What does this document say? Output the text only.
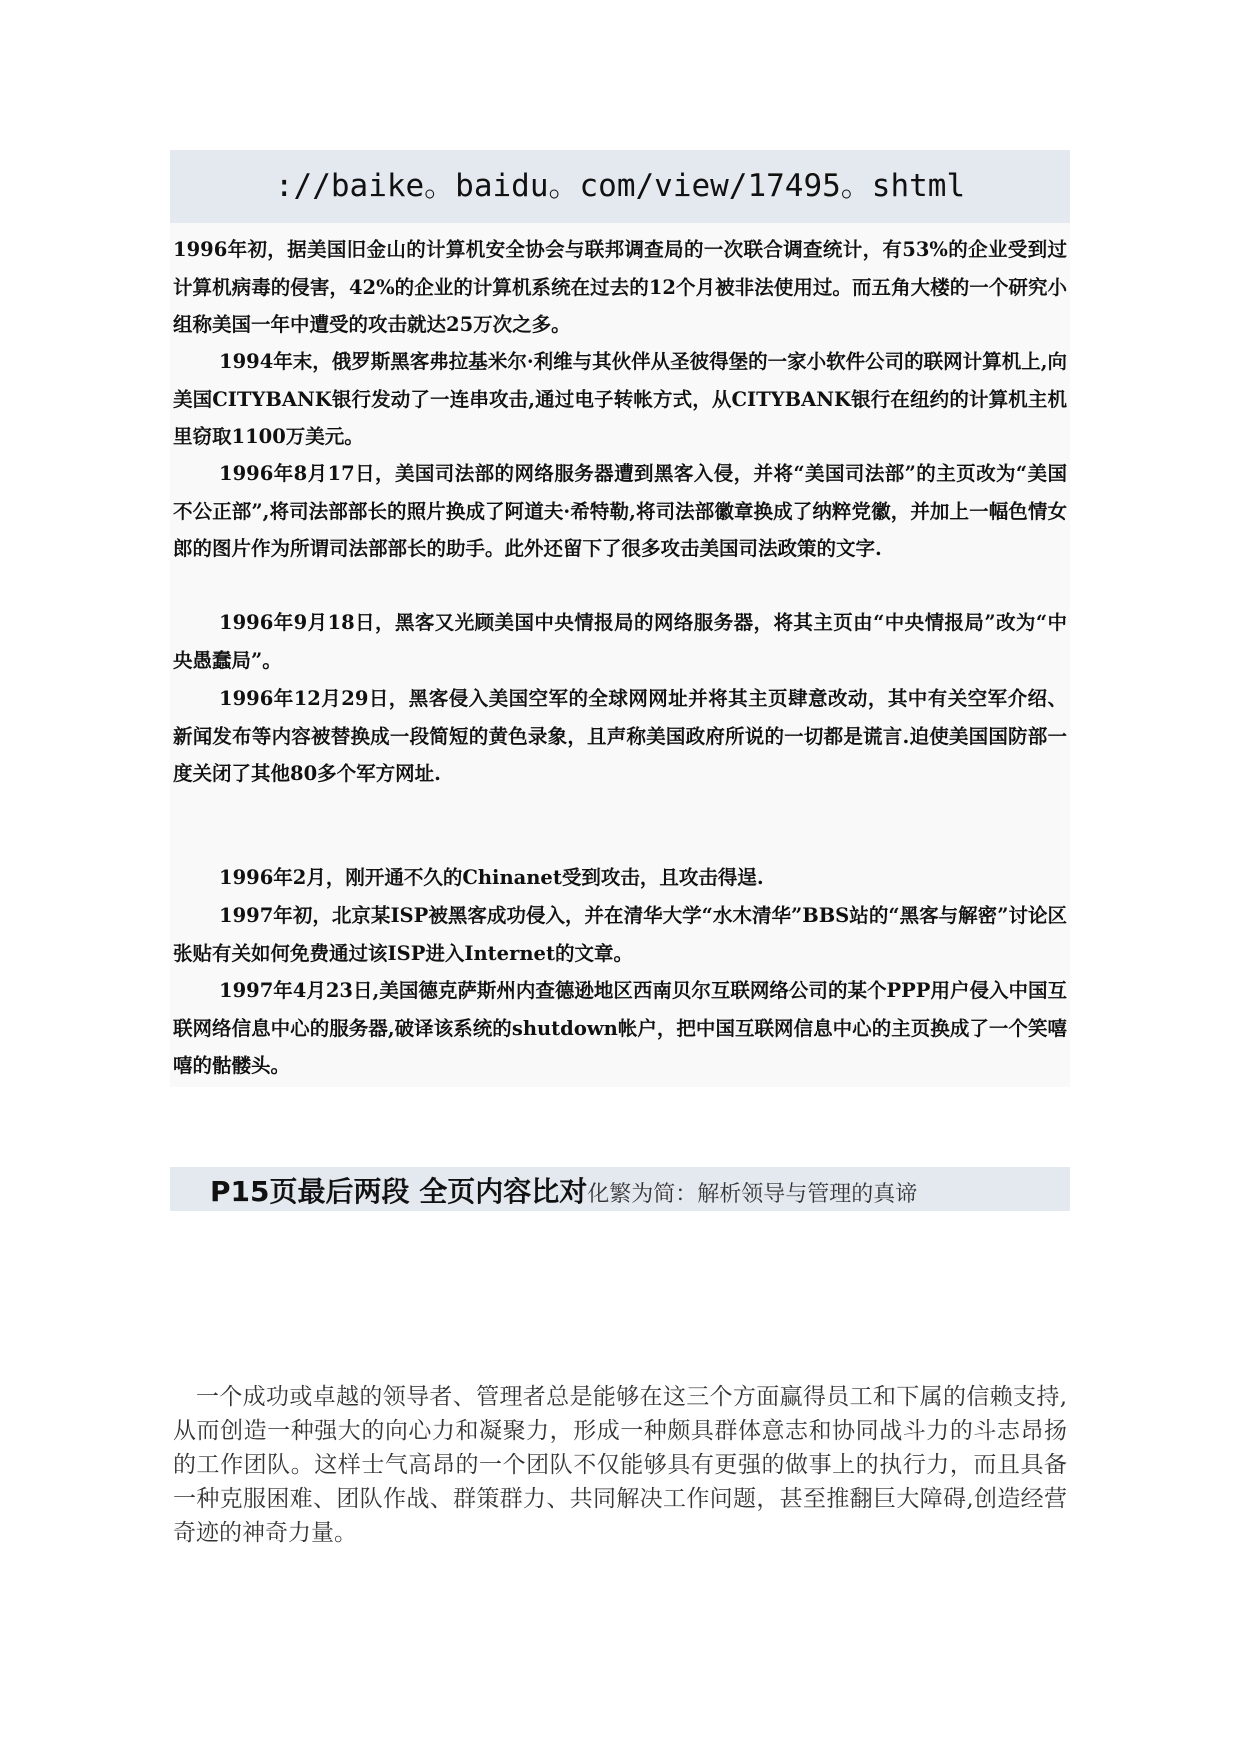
://baike。baidu。com/view/17495。shtml

1996年初，据美国旧金山的计算机安全协会与联邦调查局的一次联合调查统计，有53%的企业受到过计算机病毒的侵害，42%的企业的计算机系统在过去的12个月被非法使用过。而五角大楼的一个研究小组称美国一年中遭受的攻击就达25万次之多。

1994年末，俄罗斯黑客弗拉基米尔·利维与其伙伴从圣彼得堡的一家小软件公司的联网计算机上,向美国CITYBANK银行发动了一连串攻击,通过电子转帐方式，从CITYBANK银行在纽约的计算机主机里窃取1100万美元。

1996年8月17日，美国司法部的网络服务器遭到黑客入侵，并将“美国司法部”的主页改为“美国不公正部”,将司法部部长的照片换成了阿道夫·希特勒,将司法部徽章换成了纳粹党徽，并加上一幅色情女郎的图片作为所谓司法部部长的助手。此外还留下了很多攻击美国司法政策的文字.

1996年9月18日，黑客又光顾美国中央情报局的网络服务器，将其主页由“中央情报局”改为“中央愚蠢局”。

1996年12月29日，黑客侵入美国空军的全球网网址并将其主页肆意改动，其中有关空军介绍、新闻发布等内容被替换成一段简短的黄色录象，且声称美国政府所说的一切都是谎言.迫使美国国防部一度关闭了其他80多个军方网址.

1996年2月，刚开通不久的Chinanet受到攻击，且攻击得逞.

1997年初，北京某ISP被黑客成功侵入，并在清华大学“水木清华”BBS站的“黑客与解密”讨论区张贴有关如何免费通过该ISP进入Internet的文章。

1997年4月23日,美国德克萨斯州内查德逊地区西南贝尔互联网络公司的某个PPP用户侵入中国互联网络信息中心的服务器,破译该系统的shutdown帐户，把中国互联网信息中心的主页换成了一个笑嘻嘻的骷髅头。

P15页最后两段 全页内容比对化繁为简：解析领导与管理的真谛

一个成功或卓越的领导者、管理者总是能够在这三个方面赢得员工和下属的信赖支持,从而创造一种强大的向心力和凝聚力，形成一种颇具群体意志和协同战斗力的斗志昂扬的工作团队。这样士气高昂的一个团队不仅能够具有更强的做事上的执行力，而且具备一种克服困难、团队作战、群策群力、共同解决工作问题，甚至推翻巨大障碍,创造经营奇迹的神奇力量。
